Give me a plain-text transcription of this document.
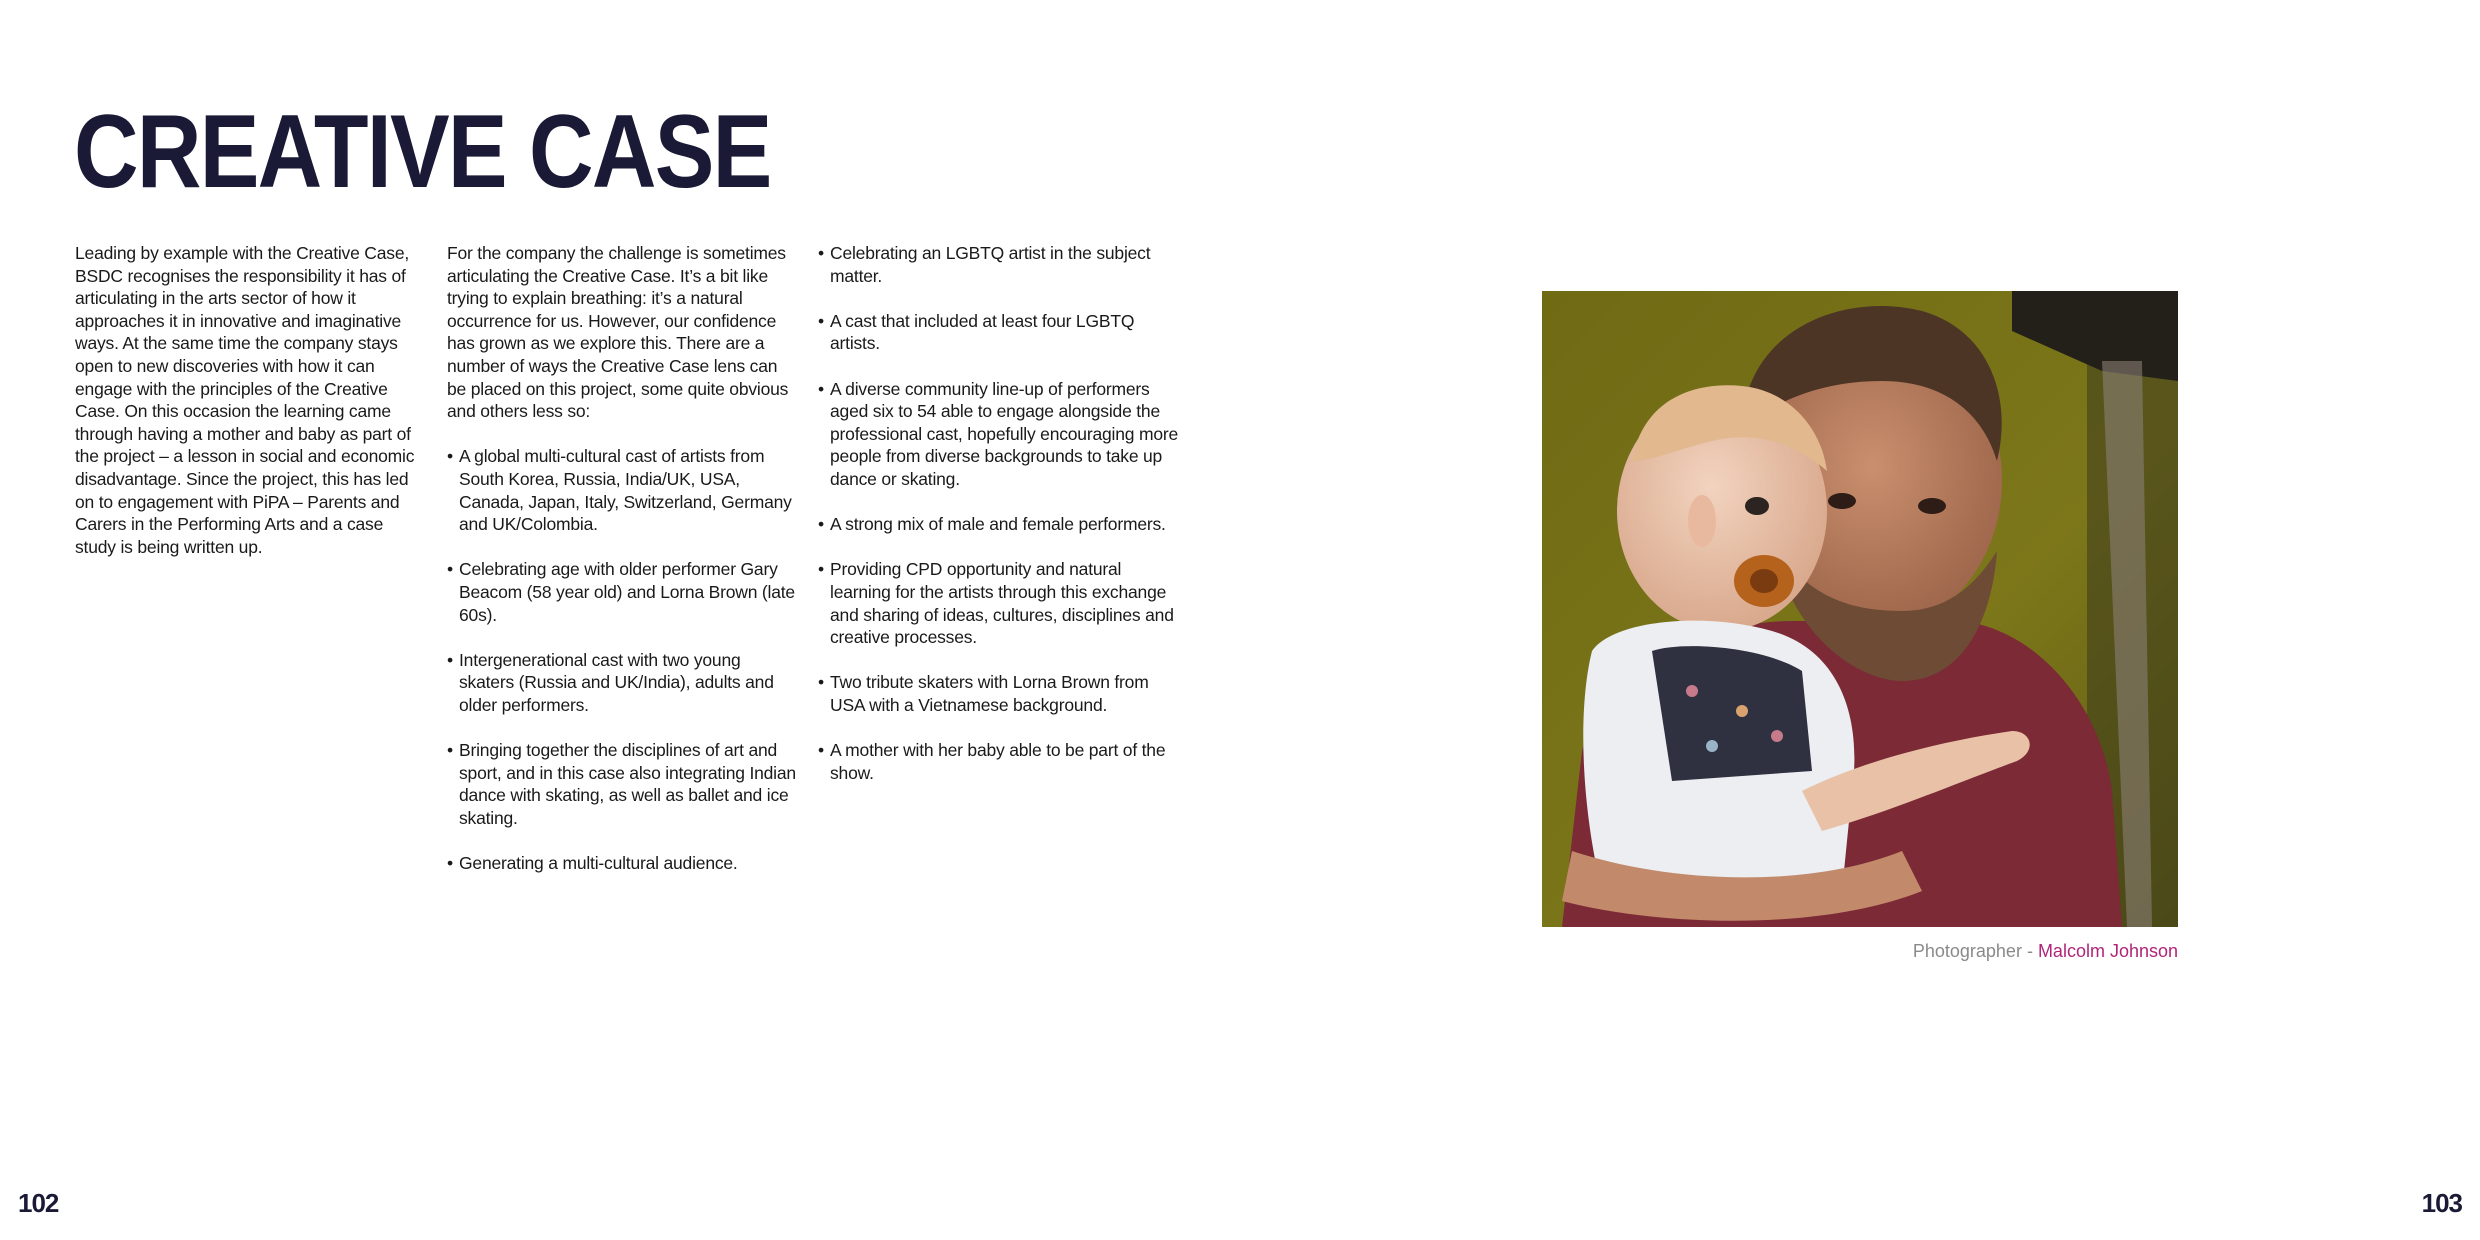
CREATIVE CASE

Leading by example with the Creative Case, BSDC recognises the responsibility it has of articulating in the arts sector of how it approaches it in innovative and imaginative ways. At the same time the company stays open to new discoveries with how it can engage with the principles of the Creative Case. On this occasion the learning came through having a mother and baby as part of the project – a lesson in social and economic disadvantage. Since the project, this has led on to engagement with PiPA – Parents and Carers in the Performing Arts and a case study is being written up.

For the company the challenge is sometimes articulating the Creative Case. It’s a bit like trying to explain breathing: it’s a natural occurrence for us. However, our confidence has grown as we explore this. There are a number of ways the Creative Case lens can be placed on this project, some quite obvious and others less so:

• A global multi-cultural cast of artists from South Korea, Russia, India/UK, USA, Canada, Japan, Italy, Switzerland, Germany and UK/Colombia.
• Celebrating age with older performer Gary Beacom (58 year old) and Lorna Brown (late 60s).
• Intergenerational cast with two young skaters (Russia and UK/India), adults and older performers.
• Bringing together the disciplines of art and sport, and in this case also integrating Indian dance with skating, as well as ballet and ice skating.
• Generating a multi-cultural audience.
• Celebrating an LGBTQ artist in the subject matter.
• A cast that included at least four LGBTQ artists.
• A diverse community line-up of performers aged six to 54 able to engage alongside the professional cast, hopefully encouraging more people from diverse backgrounds to take up dance or skating.
• A strong mix of male and female performers.
• Providing CPD opportunity and natural learning for the artists through this exchange and sharing of ideas, cultures, disciplines and creative processes.
• Two tribute skaters with Lorna Brown from USA with a Vietnamese background.
• A mother with her baby able to be part of the show.
Photographer - Malcolm Johnson
102	103
